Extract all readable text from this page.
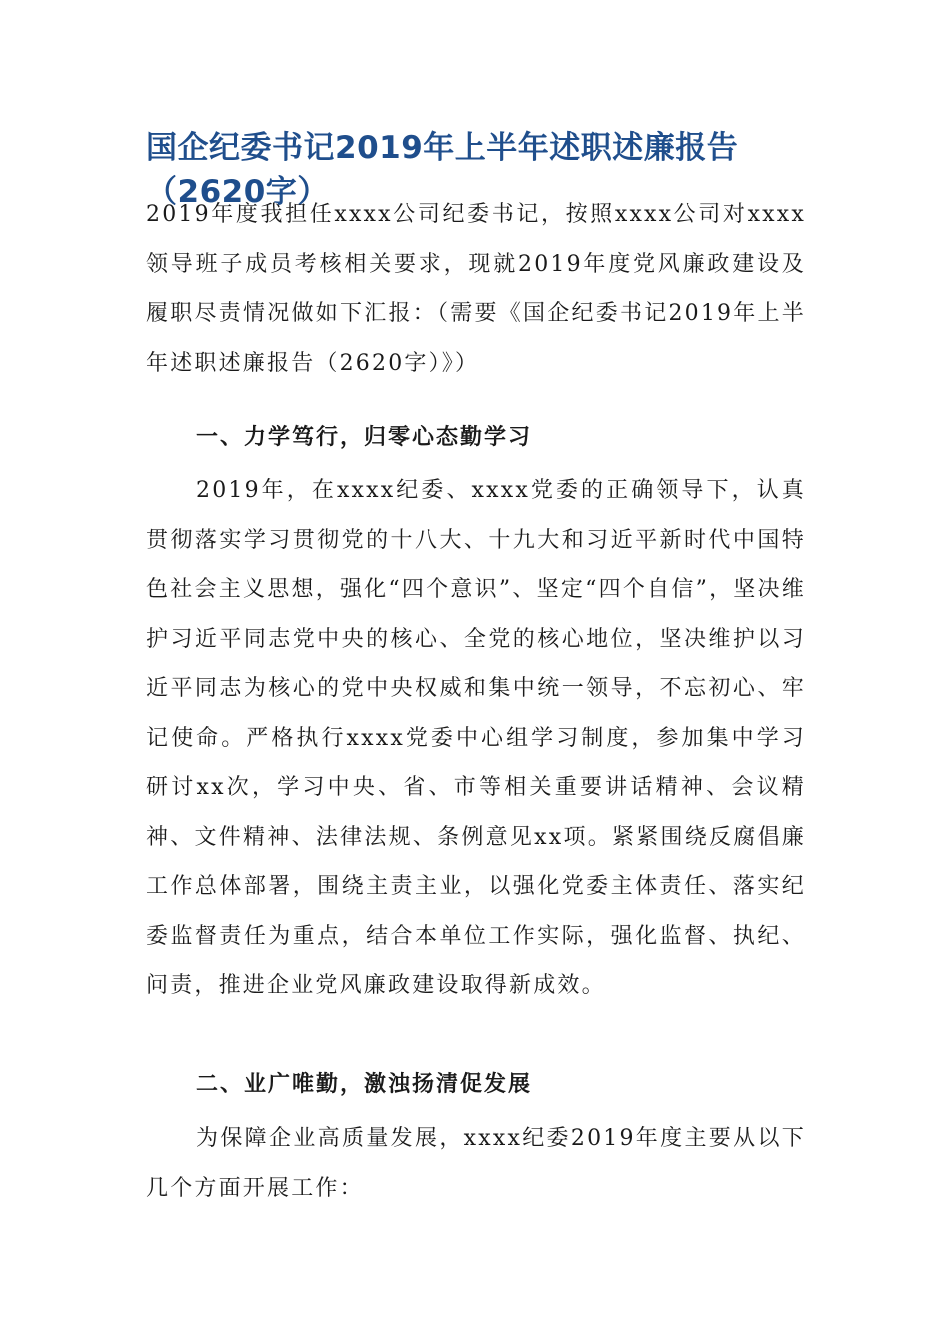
国企纪委书记2019年上半年述职述廉报告（2620字）

2019年度我担任xxxx公司纪委书记，按照xxxx公司对xxxx领导班子成员考核相关要求，现就2019年度党风廉政建设及履职尽责情况做如下汇报：（需要《国企纪委书记2019年上半年述职述廉报告（2620字）》）

一、力学笃行，归零心态勤学习

2019年，在xxxx纪委、xxxx党委的正确领导下，认真贯彻落实学习贯彻党的十八大、十九大和习近平新时代中国特色社会主义思想，强化“四个意识”、坚定“四个自信”，坚决维护习近平同志党中央的核心、全党的核心地位，坚决维护以习近平同志为核心的党中央权威和集中统一领导，不忘初心、牢记使命。严格执行xxxx党委中心组学习制度，参加集中学习研讨xx次，学习中央、省、市等相关重要讲话精神、会议精神、文件精神、法律法规、条例意见xx项。紧紧围绕反腐倡廉工作总体部署，围绕主责主业，以强化党委主体责任、落实纪委监督责任为重点，结合本单位工作实际，强化监督、执纪、问责，推进企业党风廉政建设取得新成效。

二、业广唯勤，激浊扬清促发展

为保障企业高质量发展，xxxx纪委2019年度主要从以下几个方面开展工作：
